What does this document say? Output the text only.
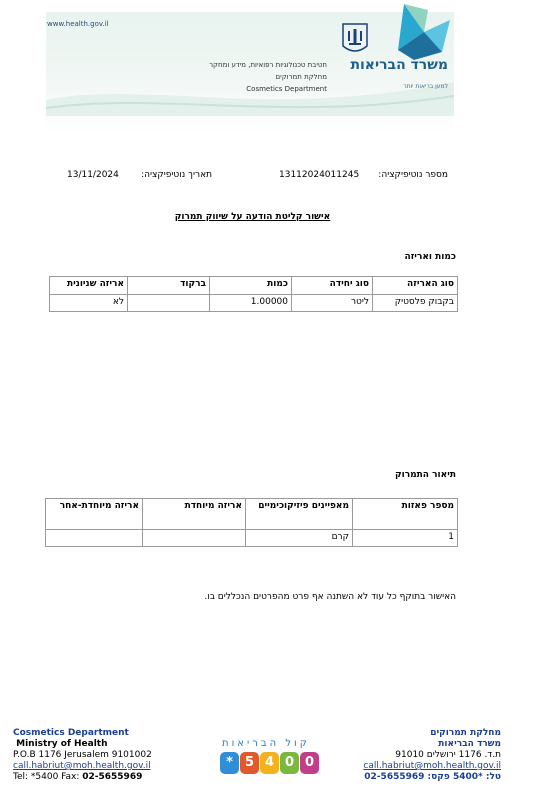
www.health.gov.il
חטיבת טכנולוגיות רפואיות, מידע ומחקר
מחלקת תמרוקים
Cosmetics Department
משרד הבריאות
למען בריאות יותר
מספר נוטיפיקציה:
13112024011245
תאריך נוטיפיקציה:
13/11/2024
אישור קליטת הודעה על שיווק תמרוק
כמות ואריזה
סוג האריזה	סוג יחידה	כמות	ברקוד	אריזה שניונית
בקבוק פלסטיק	ליטר	1.00000		לא
תיאור התמרוק
מספר פאזות	מאפיינים פיזיקוכימיים	אריזה מיוחדת	אריזה מיוחדת-אחר
1	קרם		
האישור בתוקף כל עוד לא השתנה אף פרט מהפרטים הנכללים בו.
Cosmetics Department
Ministry of Health
P.O.B 1176 Jerusalem 9101002
call.habriut@moh.health.gov.il
Tel: *5400 Fax: 02-5655969
קול הבריאות
* 5 4 0 0
מחלקת תמרוקים
משרד הבריאות
ת.ד. 1176 ירושלים 91010
call.habriut@moh.health.gov.il
טל: *5400 פקס: 02-5655969
